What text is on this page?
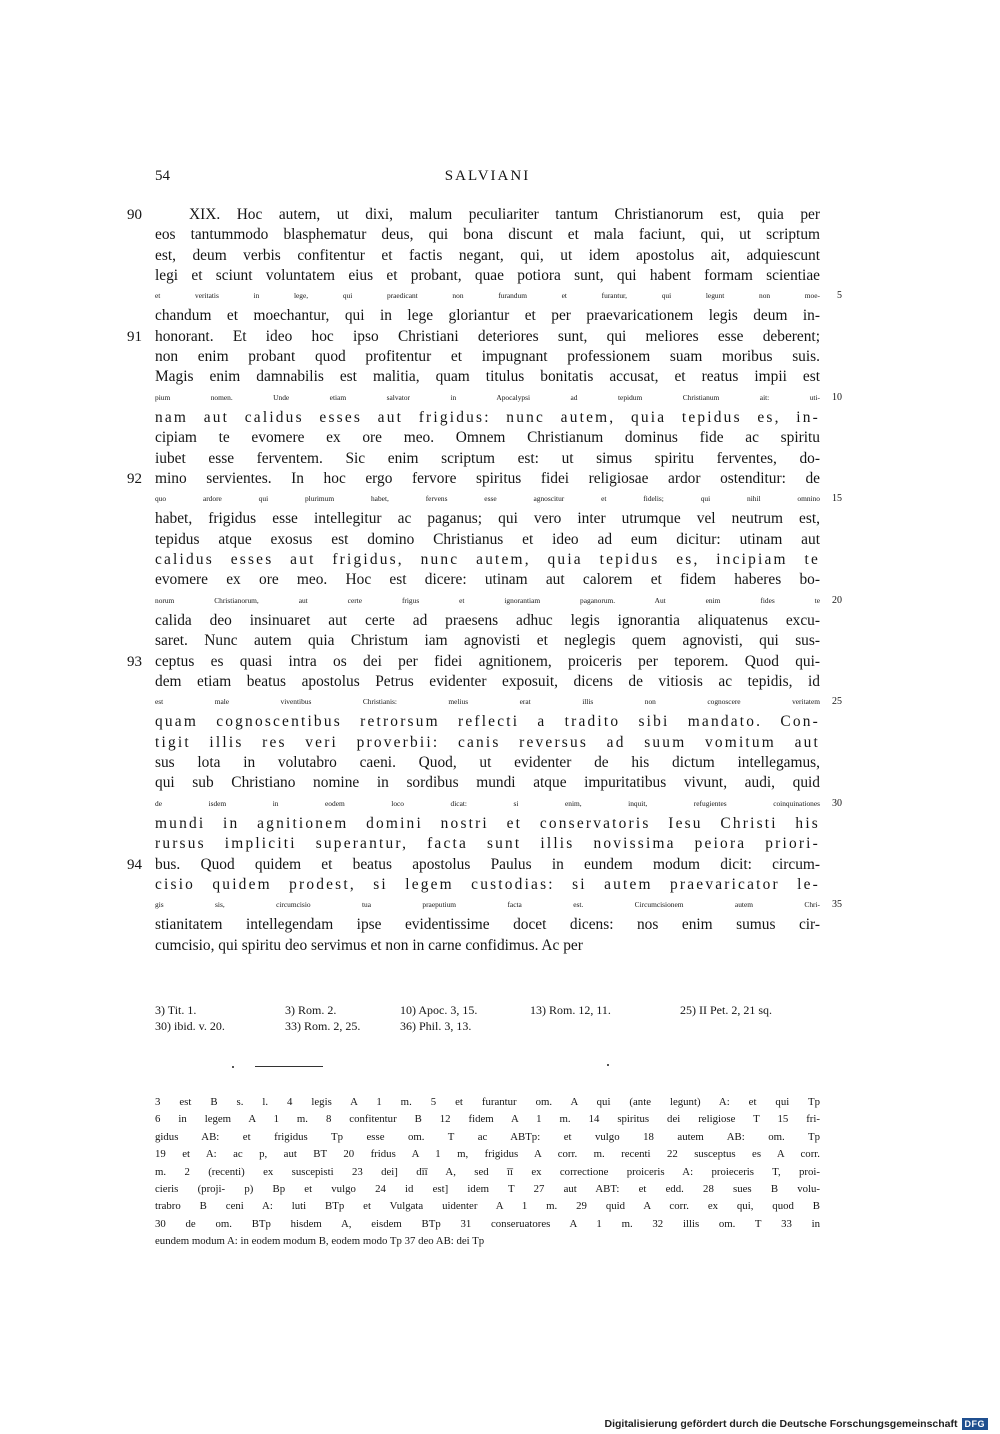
54	SALVIANI
90	XIX. Hoc autem, ut dixi, malum peculiariter tantum Christianorum est, quia per
eos tantummodo blasphematur deus, qui bona discunt et mala faciunt, qui, ut scriptum
est, deum verbis confitentur et factis negant, qui, ut idem apostolus ait, adquiescunt
legi et sciunt voluntatem eius et probant, quae potiora sunt, qui habent formam scientiae
et veritatis in lege, qui praedicant non furandum et furantur, qui legunt non moe- 5
chandum et moechantur, qui in lege gloriantur et per praevaricationem legis deum in-
91 honorant. Et ideo hoc ipso Christiani deteriores sunt, qui meliores esse deberent;
non enim probant quod profitentur et impugnant professionem suam moribus suis.
Magis enim damnabilis est malitia, quam titulus bonitatis accusat, et reatus impii est
pium nomen. Unde etiam salvator in Apocalypsi ad tepidum Christianum ait: uti- 10
nam aut calidus esses aut frigidus: nunc autem, quia tepidus es, in-
cipiam te evomere ex ore meo. Omnem Christianum dominus fide ac spiritu
iubet esse ferventem. Sic enim scriptum est: ut simus spiritu ferventes, do-
92 mino servientes. In hoc ergo fervore spiritus fidei religiosae ardor ostenditur: de
quo ardore qui plurimum habet, fervens esse agnoscitur et fidelis; qui nihil omnino 15
habet, frigidus esse intellegitur ac paganus; qui vero inter utrumque vel neutrum est,
tepidus atque exosus est domino Christianus et ideo ad eum dicitur: utinam aut
calidus esses aut frigidus, nunc autem, quia tepidus es, incipiam te
evomere ex ore meo. Hoc est dicere: utinam aut calorem et fidem haberes bo-
norum Christianorum, aut certe frigus et ignorantiam paganorum. Aut enim fides te 20
calida deo insinuaret aut certe ad praesens adhuc legis ignorantia aliquatenus excu-
saret. Nunc autem quia Christum iam agnovisti et neglegis quem agnovisti, qui sus-
93 ceptus es quasi intra os dei per fidei agnitionem, proiceris per teporem. Quod qui-
dem etiam beatus apostolus Petrus evidenter exposuit, dicens de vitiosis ac tepidis, id
est male viventibus Christianis: melius erat illis non cognoscere veritatem 25
quam cognoscentibus retrorsum reflecti a tradito sibi mandato. Con-
tigit illis res veri proverbii: canis reversus ad suum vomitum aut
sus lota in volutabro caeni. Quod, ut evidenter de his dictum intellegamus,
qui sub Christiano nomine in sordibus mundi atque impuritatibus vivunt, audi, quid
de isdem in eodem loco dicat: si enim, inquit, refugientes coinquinationes 30
mundi in agnitionem domini nostri et conservatoris Iesu Christi his
rursus impliciti superantur, facta sunt illis novissima peiora priori-
94 bus. Quod quidem et beatus apostolus Paulus in eundem modum dicit: circum-
cisio quidem prodest, si legem custodias: si autem praevaricator le-
gis sis, circumcisio tua praeputium facta est. Circumcisionem autem Chri- 35
stianitatem intellegendam ipse evidentissime docet dicens: nos enim sumus cir-
cumcisio, qui spiritu deo servimus et non in carne confidimus. Ac per
3) Tit. 1.	3) Rom. 2.	10) Apoc. 3, 15.	13) Rom. 12, 11.	25) II Pet. 2, 21 sq.
30) ibid. v. 20.	33) Rom. 2, 25.	36) Phil. 3, 13.
3 est B s. l. 4 legis A 1 m. 5 et furantur om. A qui (ante legunt) A: et qui Tp
6 in legem A 1 m. 8 confitentur B 12 fidem A 1 m. 14 spiritus dei religiose T 15 fri-
gidus AB: et frigidus Tp esse om. T ac ABTp: et vulgo 18 autem AB: om. Tp
19 et A: ac p, aut BT 20 fridus A 1 m, frigidus A corr. m. recenti 22 susceptus es A corr.
m. 2 (recenti) ex suscepisti 23 dei] dīī A, sed īī ex correctione proiceris A: proieceris T, proi-
cieris (proji- p) Bp et vulgo 24 id est] idem T 27 aut ABT: et edd. 28 sues B volu-
trabro B ceni A: luti BTp et Vulgata uidenter A 1 m. 29 quid A corr. ex qui, quod B
30 de om. BTp hisdem A, eisdem BTp 31 conseruatores A 1 m. 32 illis om. T 33 in
eundem modum A: in eodem modum B, eodem modo Tp 37 deo AB: dei Tp
Digitalisierung gefördert durch die Deutsche Forschungsgemeinschaft DFG
